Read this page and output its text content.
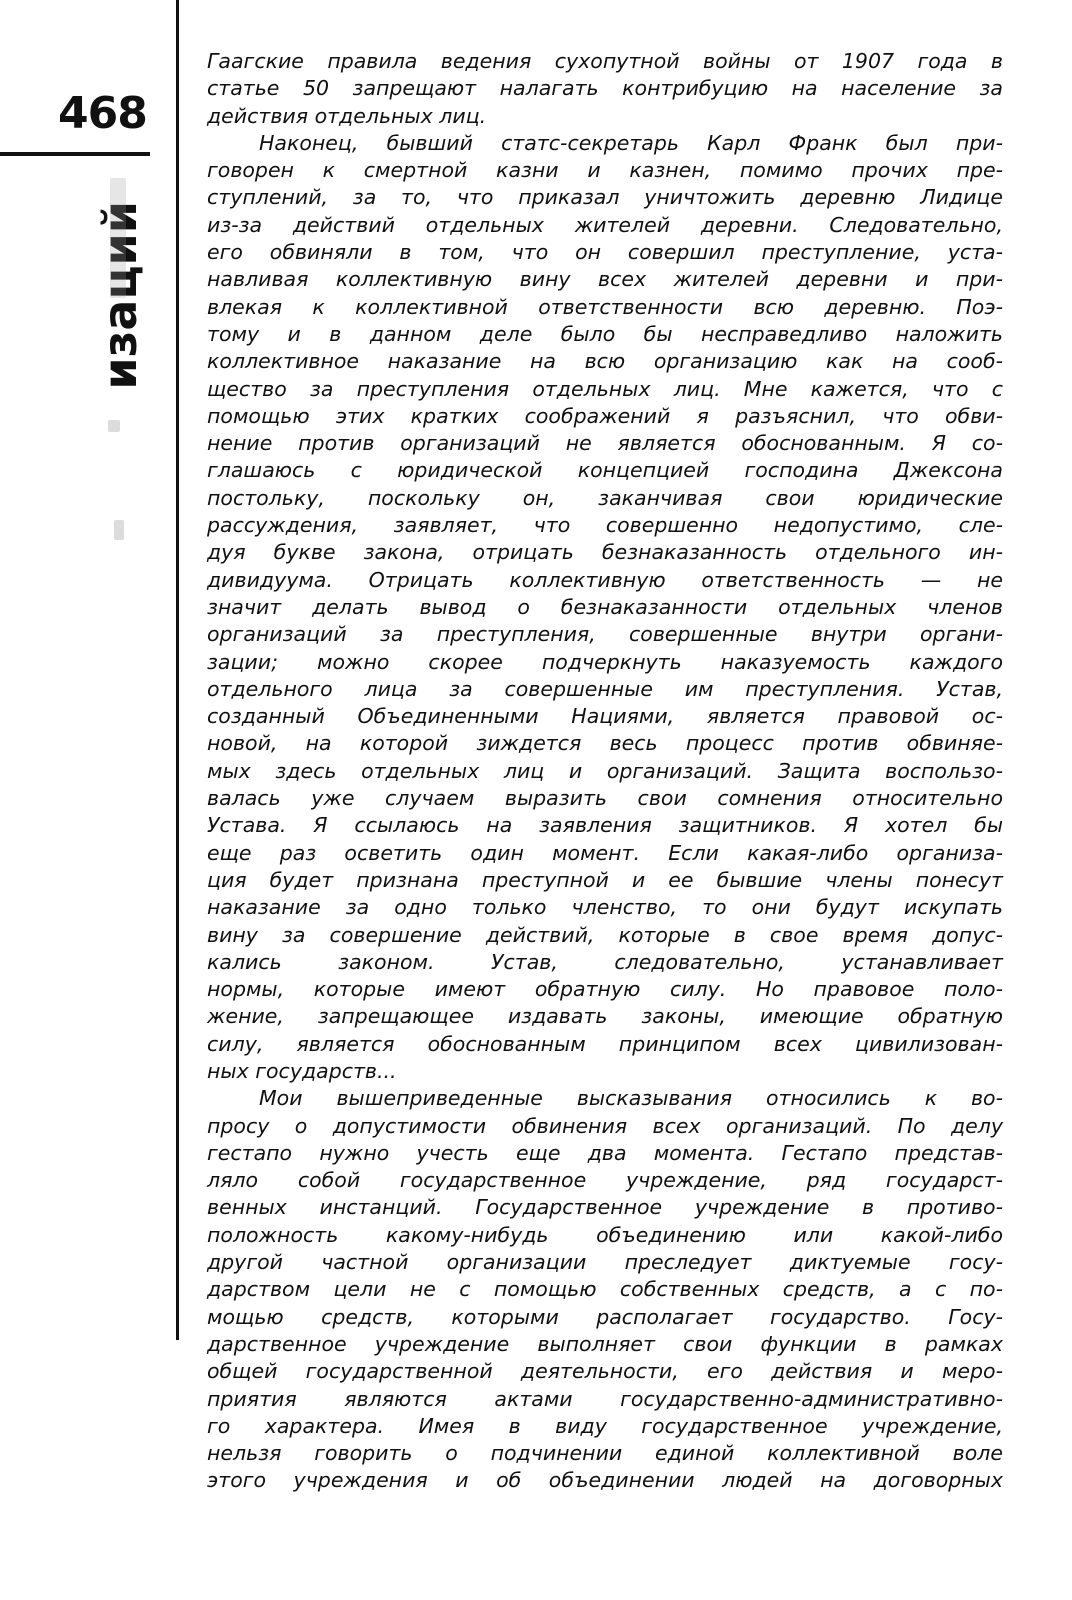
468
изаций
Гаагские правила ведения сухопутной войны от 1907 года в
статье 50 запрещают налагать контрибуцию на население за
действия отдельных лиц.
Наконец, бывший статс-секретарь Карл Франк был при-
говорен к смертной казни и казнен, помимо прочих пре-
ступлений, за то, что приказал уничтожить деревню Лидице
из-за действий отдельных жителей деревни. Следовательно,
его обвиняли в том, что он совершил преступление, уста-
навливая коллективную вину всех жителей деревни и при-
влекая к коллективной ответственности всю деревню. Поэ-
тому и в данном деле было бы несправедливо наложить
коллективное наказание на всю организацию как на сооб-
щество за преступления отдельных лиц. Мне кажется, что с
помощью этих кратких соображений я разъяснил, что обви-
нение против организаций не является обоснованным. Я со-
глашаюсь с юридической концепцией господина Джексона
постольку, поскольку он, заканчивая свои юридические
рассуждения, заявляет, что совершенно недопустимо, сле-
дуя букве закона, отрицать безнаказанность отдельного ин-
дивидуума. Отрицать коллективную ответственность — не
значит делать вывод о безнаказанности отдельных членов
организаций за преступления, совершенные внутри органи-
зации; можно скорее подчеркнуть наказуемость каждого
отдельного лица за совершенные им преступления. Устав,
созданный Объединенными Нациями, является правовой ос-
новой, на которой зиждется весь процесс против обвиняе-
мых здесь отдельных лиц и организаций. Защита воспользо-
валась уже случаем выразить свои сомнения относительно
Устава. Я ссылаюсь на заявления защитников. Я хотел бы
еще раз осветить один момент. Если какая-либо организа-
ция будет признана преступной и ее бывшие члены понесут
наказание за одно только членство, то они будут искупать
вину за совершение действий, которые в свое время допус-
кались законом. Устав, следовательно, устанавливает
нормы, которые имеют обратную силу. Но правовое поло-
жение, запрещающее издавать законы, имеющие обратную
силу, является обоснованным принципом всех цивилизован-
ных государств...
Мои вышеприведенные высказывания относились к во-
просу о допустимости обвинения всех организаций. По делу
гестапо нужно учесть еще два момента. Гестапо представ-
ляло собой государственное учреждение, ряд государст-
венных инстанций. Государственное учреждение в противо-
положность какому-нибудь объединению или какой-либо
другой частной организации преследует диктуемые госу-
дарством цели не с помощью собственных средств, а с по-
мощью средств, которыми располагает государство. Госу-
дарственное учреждение выполняет свои функции в рамках
общей государственной деятельности, его действия и меро-
приятия являются актами государственно-административно-
го характера. Имея в виду государственное учреждение,
нельзя говорить о подчинении единой коллективной воле
этого учреждения и об объединении людей на договорных
